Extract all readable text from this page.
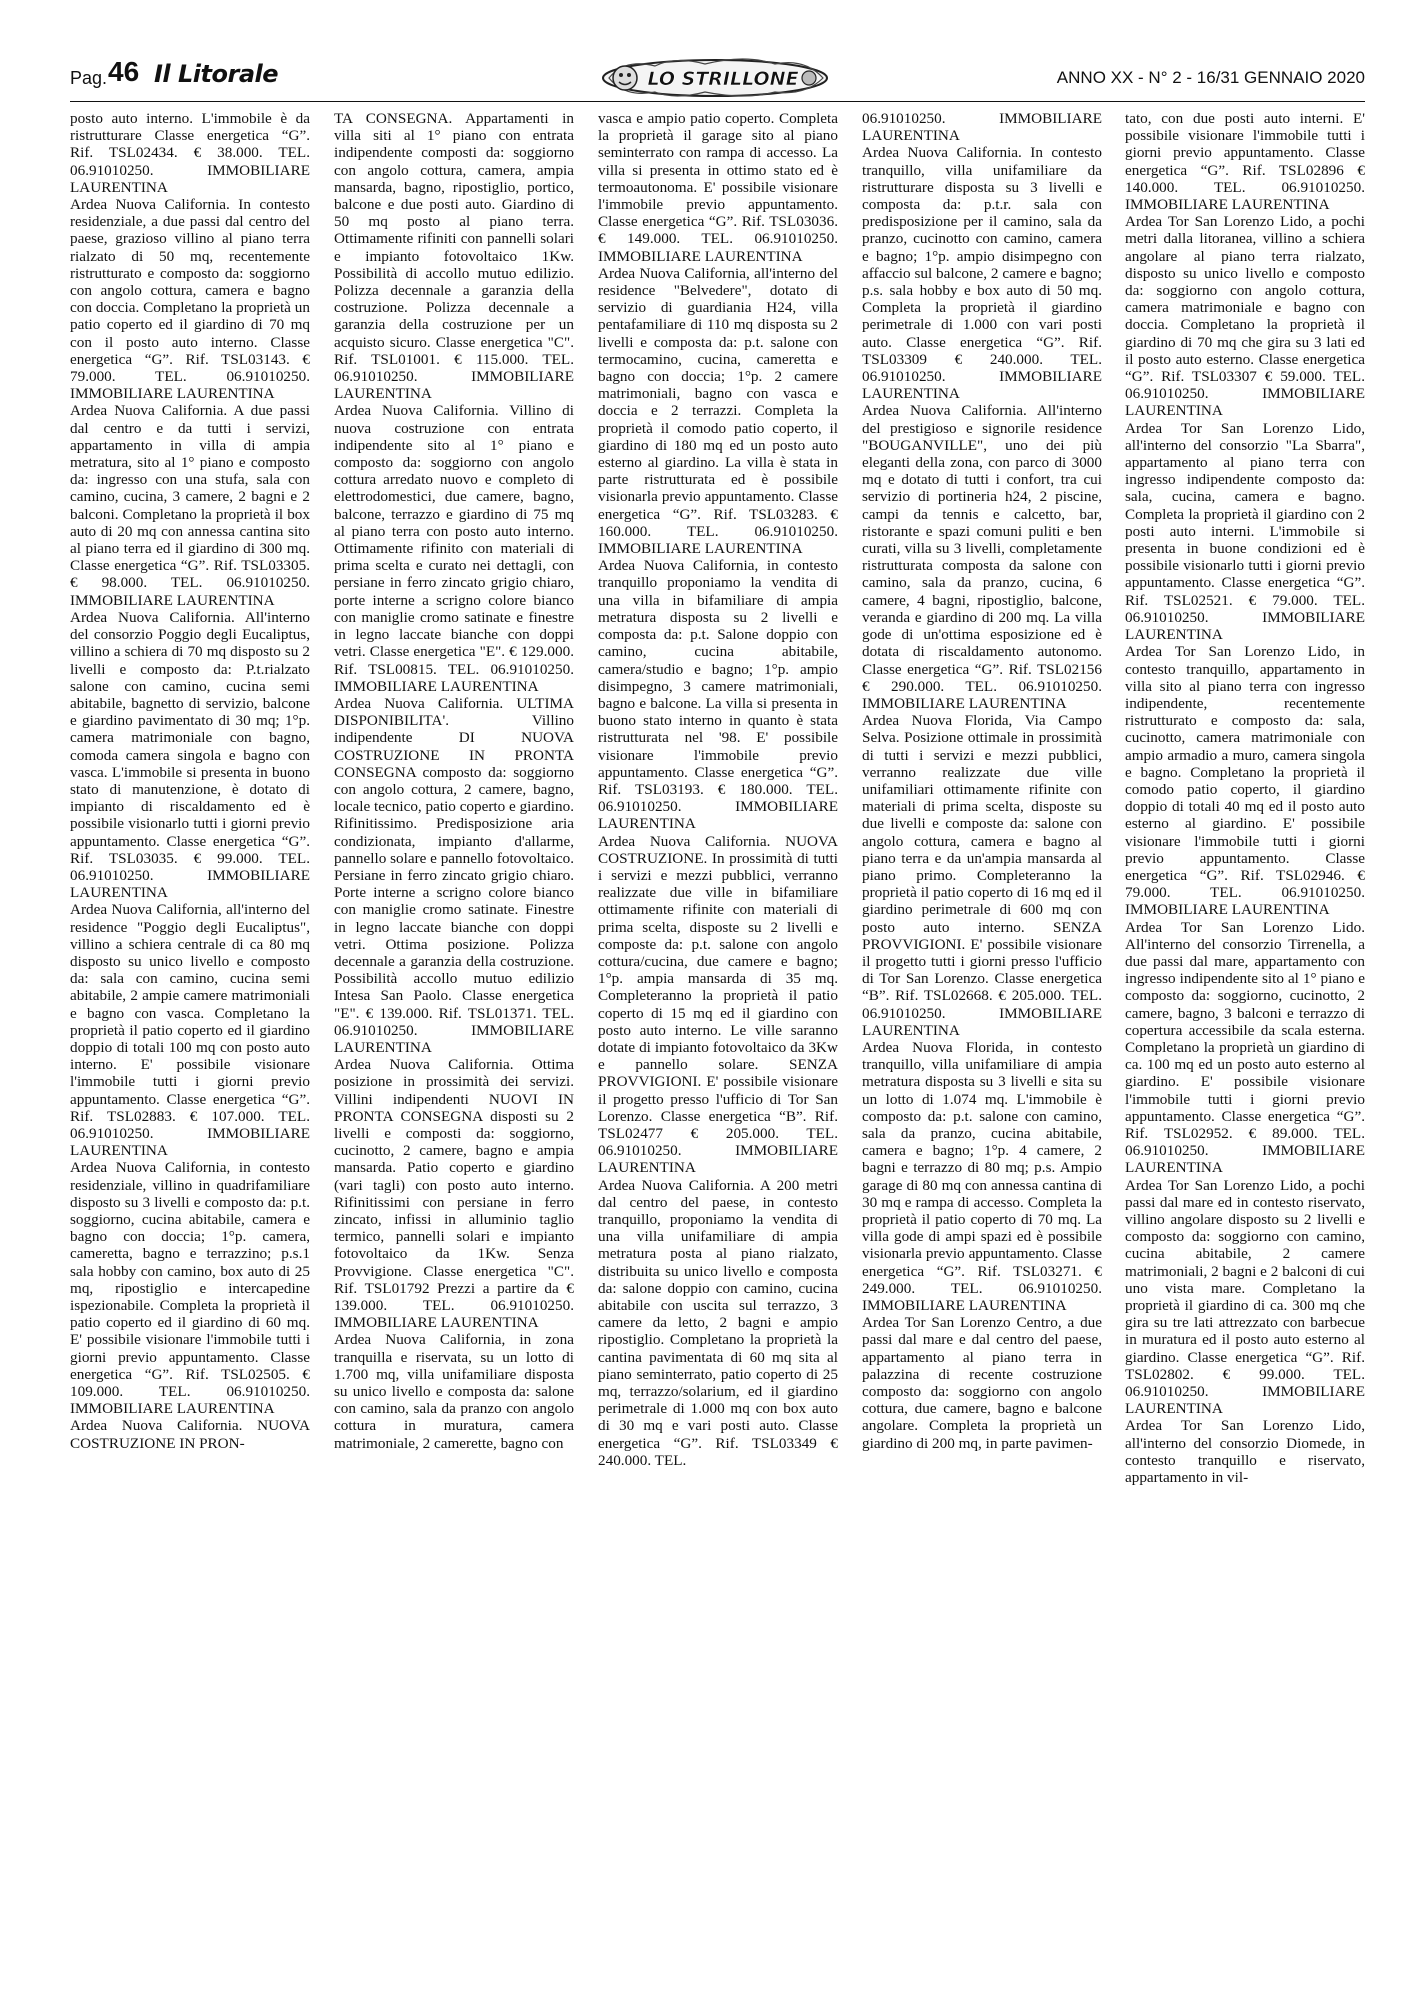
Pag. 46 Il Litorale	LO STRILLONE	ANNO XX - N° 2 - 16/31 GENNAIO 2020

posto auto interno. L'immobile è da ristrutturare Classe energetica “G”. Rif. TSL02434. € 38.000. TEL. 06.91010250. IMMOBILIARE LAURENTINA

Ardea Nuova California. In contesto residenziale, a due passi dal centro del paese, grazioso villino al piano terra rialzato di 50 mq, recentemente ristrutturato e composto da: soggiorno con angolo cottura, camera e bagno con doccia. Completano la proprietà un patio coperto ed il giardino di 70 mq con il posto auto interno. Classe energetica “G”. Rif. TSL03143. € 79.000. TEL. 06.91010250. IMMOBILIARE LAURENTINA

Ardea Nuova California. A due passi dal centro e da tutti i servizi, appartamento in villa di ampia metratura, sito al 1° piano e composto da: ingresso con una stufa, sala con camino, cucina, 3 camere, 2 bagni e 2 balconi. Completano la proprietà il box auto di 20 mq con annessa cantina sito al piano terra ed il giardino di 300 mq. Classe energetica “G”. Rif. TSL03305. € 98.000. TEL. 06.91010250. IMMOBILIARE LAURENTINA

Ardea Nuova California. All'interno del consorzio Poggio degli Eucaliptus, villino a schiera di 70 mq disposto su 2 livelli e composto da: P.t.rialzato salone con camino, cucina semi abitabile, bagnetto di servizio, balcone e giardino pavimentato di 30 mq; 1°p. camera matrimoniale con bagno, comoda camera singola e bagno con vasca. L'immobile si presenta in buono stato di manutenzione, è dotato di impianto di riscaldamento ed è possibile visionarlo tutti i giorni previo appuntamento. Classe energetica “G”. Rif. TSL03035. € 99.000. TEL. 06.91010250. IMMOBILIARE LAURENTINA

Ardea Nuova California, all'interno del residence "Poggio degli Eucaliptus", villino a schiera centrale di ca 80 mq disposto su unico livello e composto da: sala con camino, cucina semi abitabile, 2 ampie camere matrimoniali e bagno con vasca. Completano la proprietà il patio coperto ed il giardino doppio di totali 100 mq con posto auto interno. E' possibile visionare l'immobile tutti i giorni previo appuntamento. Classe energetica “G”. Rif. TSL02883. € 107.000. TEL. 06.91010250. IMMOBILIARE LAURENTINA

Ardea Nuova California, in contesto residenziale, villino in quadrifamiliare disposto su 3 livelli e composto da: p.t. soggiorno, cucina abitabile, camera e bagno con doccia; 1°p. camera, cameretta, bagno e terrazzino; p.s.1 sala hobby con camino, box auto di 25 mq, ripostiglio e intercapedine ispezionabile. Completa la proprietà il patio coperto ed il giardino di 60 mq. E' possibile visionare l'immobile tutti i giorni previo appuntamento. Classe energetica “G”. Rif. TSL02505. € 109.000. TEL. 06.91010250. IMMOBILIARE LAURENTINA

Ardea Nuova California. NUOVA COSTRUZIONE IN PRON-

TA CONSEGNA. Appartamenti in villa siti al 1° piano con entrata indipendente composti da: soggiorno con angolo cottura, camera, ampia mansarda, bagno, ripostiglio, portico, balcone e due posti auto. Giardino di 50 mq posto al piano terra. Ottimamente rifiniti con pannelli solari e impianto fotovoltaico 1Kw. Possibilità di accollo mutuo edilizio. Polizza decennale a garanzia della costruzione. Polizza decennale a garanzia della costruzione per un acquisto sicuro. Classe energetica "C". Rif. TSL01001. € 115.000. TEL. 06.91010250. IMMOBILIARE LAURENTINA

Ardea Nuova California. Villino di nuova costruzione con entrata indipendente sito al 1° piano e composto da: soggiorno con angolo cottura arredato nuovo e completo di elettrodomestici, due camere, bagno, balcone, terrazzo e giardino di 75 mq al piano terra con posto auto interno. Ottimamente rifinito con materiali di prima scelta e curato nei dettagli, con persiane in ferro zincato grigio chiaro, porte interne a scrigno colore bianco con maniglie cromo satinate e finestre in legno laccate bianche con doppi vetri. Classe energetica "E". € 129.000. Rif. TSL00815. TEL. 06.91010250. IMMOBILIARE LAURENTINA

Ardea Nuova California. ULTIMA DISPONIBILITA'. Villino indipendente DI NUOVA COSTRUZIONE IN PRONTA CONSEGNA composto da: soggiorno con angolo cottura, 2 camere, bagno, locale tecnico, patio coperto e giardino. Rifinitissimo. Predisposizione aria condizionata, impianto d'allarme, pannello solare e pannello fotovoltaico. Persiane in ferro zincato grigio chiaro. Porte interne a scrigno colore bianco con maniglie cromo satinate. Finestre in legno laccate bianche con doppi vetri. Ottima posizione. Polizza decennale a garanzia della costruzione. Possibilità accollo mutuo edilizio Intesa San Paolo. Classe energetica "E". € 139.000. Rif. TSL01371. TEL. 06.91010250. IMMOBILIARE LAURENTINA

Ardea Nuova California. Ottima posizione in prossimità dei servizi. Villini indipendenti NUOVI IN PRONTA CONSEGNA disposti su 2 livelli e composti da: soggiorno, cucinotto, 2 camere, bagno e ampia mansarda. Patio coperto e giardino (vari tagli) con posto auto interno. Rifinitissimi con persiane in ferro zincato, infissi in alluminio taglio termico, pannelli solari e impianto fotovoltaico da 1Kw. Senza Provvigione. Classe energetica "C". Rif. TSL01792 Prezzi a partire da € 139.000. TEL. 06.91010250. IMMOBILIARE LAURENTINA

Ardea Nuova California, in zona tranquilla e riservata, su un lotto di 1.700 mq, villa unifamiliare disposta su unico livello e composta da: salone con camino, sala da pranzo con angolo cottura in muratura, camera matrimoniale, 2 camerette, bagno con

vasca e ampio patio coperto. Completa la proprietà il garage sito al piano seminterrato con rampa di accesso. La villa si presenta in ottimo stato ed è termoautonoma. E' possibile visionare l'immobile previo appuntamento. Classe energetica “G”. Rif. TSL03036. € 149.000. TEL. 06.91010250. IMMOBILIARE LAURENTINA

Ardea Nuova California, all'interno del residence "Belvedere", dotato di servizio di guardiania H24, villa pentafamiliare di 110 mq disposta su 2 livelli e composta da: p.t. salone con termocamino, cucina, cameretta e bagno con doccia; 1°p. 2 camere matrimoniali, bagno con vasca e doccia e 2 terrazzi. Completa la proprietà il comodo patio coperto, il giardino di 180 mq ed un posto auto esterno al giardino. La villa è stata in parte ristrutturata ed è possibile visionarla previo appuntamento. Classe energetica “G”. Rif. TSL03283. € 160.000. TEL. 06.91010250. IMMOBILIARE LAURENTINA

Ardea Nuova California, in contesto tranquillo proponiamo la vendita di una villa in bifamiliare di ampia metratura disposta su 2 livelli e composta da: p.t. Salone doppio con camino, cucina abitabile, camera/studio e bagno; 1°p. ampio disimpegno, 3 camere matrimoniali, bagno e balcone. La villa si presenta in buono stato interno in quanto è stata ristrutturata nel '98. E' possibile visionare l'immobile previo appuntamento. Classe energetica “G”. Rif. TSL03193. € 180.000. TEL. 06.91010250. IMMOBILIARE LAURENTINA

Ardea Nuova California. NUOVA COSTRUZIONE. In prossimità di tutti i servizi e mezzi pubblici, verranno realizzate due ville in bifamiliare ottimamente rifinite con materiali di prima scelta, disposte su 2 livelli e composte da: p.t. salone con angolo cottura/cucina, due camere e bagno; 1°p. ampia mansarda di 35 mq. Completeranno la proprietà il patio coperto di 15 mq ed il giardino con posto auto interno. Le ville saranno dotate di impianto fotovoltaico da 3Kw e pannello solare. SENZA PROVVIGIONI. E' possibile visionare il progetto presso l'ufficio di Tor San Lorenzo. Classe energetica “B”. Rif. TSL02477 € 205.000. TEL. 06.91010250. IMMOBILIARE LAURENTINA

Ardea Nuova California. A 200 metri dal centro del paese, in contesto tranquillo, proponiamo la vendita di una villa unifamiliare di ampia metratura posta al piano rialzato, distribuita su unico livello e composta da: salone doppio con camino, cucina abitabile con uscita sul terrazzo, 3 camere da letto, 2 bagni e ampio ripostiglio. Completano la proprietà la cantina pavimentata di 60 mq sita al piano seminterrato, patio coperto di 25 mq, terrazzo/solarium, ed il giardino perimetrale di 1.000 mq con box auto di 30 mq e vari posti auto. Classe energetica “G”. Rif. TSL03349 € 240.000. TEL.

06.91010250. IMMOBILIARE LAURENTINA

Ardea Nuova California. In contesto tranquillo, villa unifamiliare da ristrutturare disposta su 3 livelli e composta da: p.t.r. sala con predisposizione per il camino, sala da pranzo, cucinotto con camino, camera e bagno; 1°p. ampio disimpegno con affaccio sul balcone, 2 camere e bagno; p.s. sala hobby e box auto di 50 mq. Completa la proprietà il giardino perimetrale di 1.000 con vari posti auto. Classe energetica “G”. Rif. TSL03309 € 240.000. TEL. 06.91010250. IMMOBILIARE LAURENTINA

Ardea Nuova California. All'interno del prestigioso e signorile residence "BOUGANVILLE", uno dei più eleganti della zona, con parco di 3000 mq e dotato di tutti i confort, tra cui servizio di portineria h24, 2 piscine, campi da tennis e calcetto, bar, ristorante e spazi comuni puliti e ben curati, villa su 3 livelli, completamente ristrutturata composta da salone con camino, sala da pranzo, cucina, 6 camere, 4 bagni, ripostiglio, balcone, veranda e giardino di 200 mq. La villa gode di un'ottima esposizione ed è dotata di riscaldamento autonomo. Classe energetica “G”. Rif. TSL02156 € 290.000. TEL. 06.91010250. IMMOBILIARE LAURENTINA

Ardea Nuova Florida, Via Campo Selva. Posizione ottimale in prossimità di tutti i servizi e mezzi pubblici, verranno realizzate due ville unifamiliari ottimamente rifinite con materiali di prima scelta, disposte su due livelli e composte da: salone con angolo cottura, camera e bagno al piano terra e da un'ampia mansarda al piano primo. Completeranno la proprietà il patio coperto di 16 mq ed il giardino perimetrale di 600 mq con posto auto interno. SENZA PROVVIGIONI. E' possibile visionare il progetto tutti i giorni presso l'ufficio di Tor San Lorenzo. Classe energetica “B”. Rif. TSL02668. € 205.000. TEL. 06.91010250. IMMOBILIARE LAURENTINA

Ardea Nuova Florida, in contesto tranquillo, villa unifamiliare di ampia metratura disposta su 3 livelli e sita su un lotto di 1.074 mq. L'immobile è composto da: p.t. salone con camino, sala da pranzo, cucina abitabile, camera e bagno; 1°p. 4 camere, 2 bagni e terrazzo di 80 mq; p.s. Ampio garage di 80 mq con annessa cantina di 30 mq e rampa di accesso. Completa la proprietà il patio coperto di 70 mq. La villa gode di ampi spazi ed è possibile visionarla previo appuntamento. Classe energetica “G”. Rif. TSL03271. € 249.000. TEL. 06.91010250. IMMOBILIARE LAURENTINA

Ardea Tor San Lorenzo Centro, a due passi dal mare e dal centro del paese, appartamento al piano terra in palazzina di recente costruzione composto da: soggiorno con angolo cottura, due camere, bagno e balcone angolare. Completa la proprietà un giardino di 200 mq, in parte pavimen-

tato, con due posti auto interni. E' possibile visionare l'immobile tutti i giorni previo appuntamento. Classe energetica “G”. Rif. TSL02896 € 140.000. TEL. 06.91010250. IMMOBILIARE LAURENTINA

Ardea Tor San Lorenzo Lido, a pochi metri dalla litoranea, villino a schiera angolare al piano terra rialzato, disposto su unico livello e composto da: soggiorno con angolo cottura, camera matrimoniale e bagno con doccia. Completano la proprietà il giardino di 70 mq che gira su 3 lati ed il posto auto esterno. Classe energetica “G”. Rif. TSL03307 € 59.000. TEL. 06.91010250. IMMOBILIARE LAURENTINA

Ardea Tor San Lorenzo Lido, all'interno del consorzio "La Sbarra", appartamento al piano terra con ingresso indipendente composto da: sala, cucina, camera e bagno. Completa la proprietà il giardino con 2 posti auto interni. L'immobile si presenta in buone condizioni ed è possibile visionarlo tutti i giorni previo appuntamento. Classe energetica “G”. Rif. TSL02521. € 79.000. TEL. 06.91010250. IMMOBILIARE LAURENTINA

Ardea Tor San Lorenzo Lido, in contesto tranquillo, appartamento in villa sito al piano terra con ingresso indipendente, recentemente ristrutturato e composto da: sala, cucinotto, camera matrimoniale con ampio armadio a muro, camera singola e bagno. Completano la proprietà il comodo patio coperto, il giardino doppio di totali 40 mq ed il posto auto esterno al giardino. E' possibile visionare l'immobile tutti i giorni previo appuntamento. Classe energetica “G”. Rif. TSL02946. € 79.000. TEL. 06.91010250. IMMOBILIARE LAURENTINA

Ardea Tor San Lorenzo Lido. All'interno del consorzio Tirrenella, a due passi dal mare, appartamento con ingresso indipendente sito al 1° piano e composto da: soggiorno, cucinotto, 2 camere, bagno, 3 balconi e terrazzo di copertura accessibile da scala esterna. Completano la proprietà un giardino di ca. 100 mq ed un posto auto esterno al giardino. E' possibile visionare l'immobile tutti i giorni previo appuntamento. Classe energetica “G”. Rif. TSL02952. € 89.000. TEL. 06.91010250. IMMOBILIARE LAURENTINA

Ardea Tor San Lorenzo Lido, a pochi passi dal mare ed in contesto riservato, villino angolare disposto su 2 livelli e composto da: soggiorno con camino, cucina abitabile, 2 camere matrimoniali, 2 bagni e 2 balconi di cui uno vista mare. Completano la proprietà il giardino di ca. 300 mq che gira su tre lati attrezzato con barbecue in muratura ed il posto auto esterno al giardino. Classe energetica “G”. Rif. TSL02802. € 99.000. TEL. 06.91010250. IMMOBILIARE LAURENTINA

Ardea Tor San Lorenzo Lido, all'interno del consorzio Diomede, in contesto tranquillo e riservato, appartamento in vil-
